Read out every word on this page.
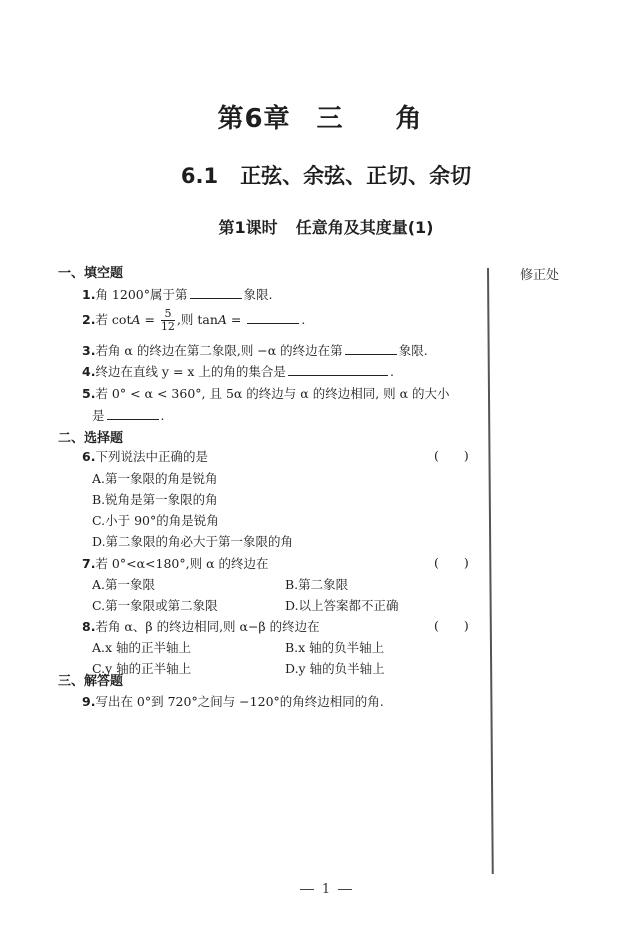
第6章 三 角
6.1 正弦、余弦、正切、余切
第1课时 任意角及其度量(1)
修正处
一、填空题
1.角 1200°属于第	象限.
2.若 $\cot A = \frac{5}{12}$ ,则 tanA =	.
3.若角 α 的终边在第二象限,则 −α 的终边在第	象限.
4.终边在直线 y = x 上的角的集合是	.
5.若 0° < α < 360°, 且 5α 的终边与 α 的终边相同, 则 α 的大小
是	.
二、选择题
6.下列说法中正确的是	(　　)
A.第一象限的角是锐角
B.锐角是第一象限的角
C.小于 90°的角是锐角
D.第二象限的角必大于第一象限的角
7.若 0°<α<180°,则 α 的终边在	(　　)
A.第一象限	B.第二象限
C.第一象限或第二象限	D.以上答案都不正确
8.若角 α、β 的终边相同,则 α−β 的终边在	(　　)
A.x 轴的正半轴上	B.x 轴的负半轴上
C.y 轴的正半轴上	D.y 轴的负半轴上
三、解答题
9.写出在 0°到 720°之间与 −120°的角终边相同的角.
1
